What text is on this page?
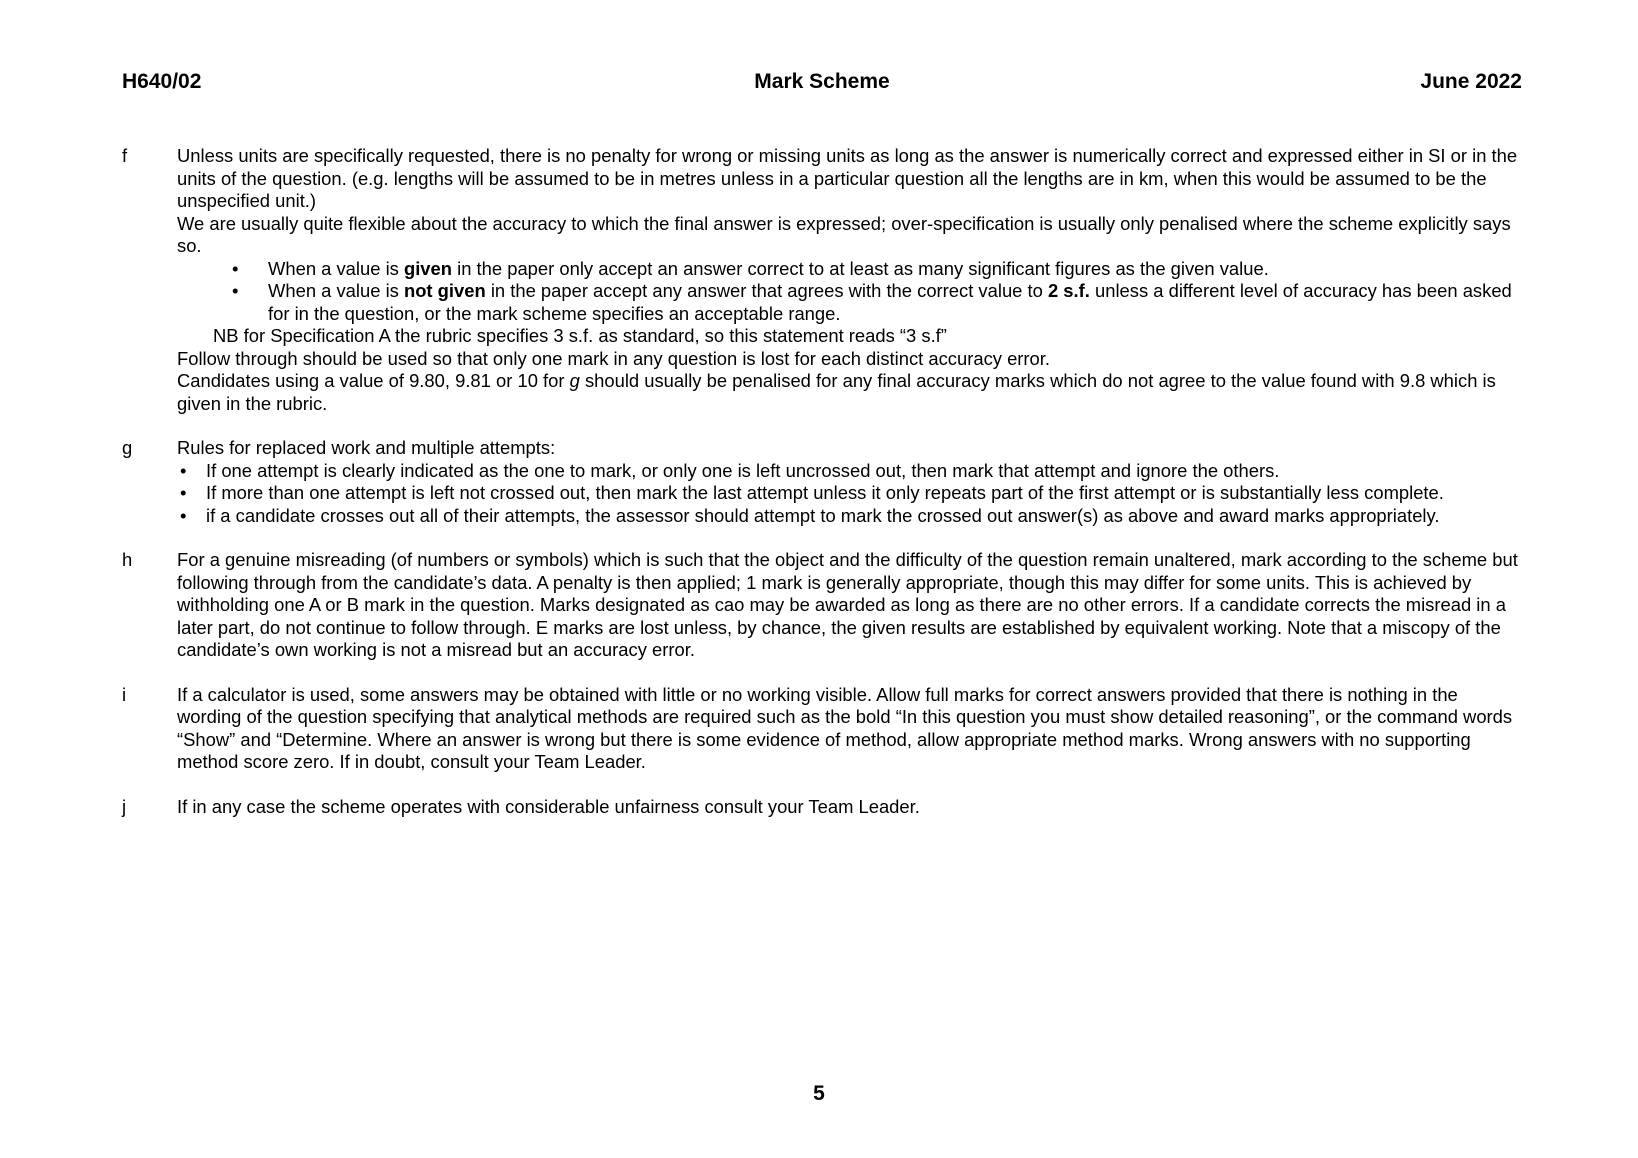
H640/02	Mark Scheme	June 2022
f	Unless units are specifically requested, there is no penalty for wrong or missing units as long as the answer is numerically correct and expressed either in SI or in the units of the question. (e.g. lengths will be assumed to be in metres unless in a particular question all the lengths are in km, when this would be assumed to be the unspecified unit.)

We are usually quite flexible about the accuracy to which the final answer is expressed; over-specification is usually only penalised where the scheme explicitly says so.

• When a value is given in the paper only accept an answer correct to at least as many significant figures as the given value.
• When a value is not given in the paper accept any answer that agrees with the correct value to 2 s.f. unless a different level of accuracy has been asked for in the question, or the mark scheme specifies an acceptable range.

NB for Specification A the rubric specifies 3 s.f. as standard, so this statement reads “3 s.f”

Follow through should be used so that only one mark in any question is lost for each distinct accuracy error.

Candidates using a value of 9.80, 9.81 or 10 for g should usually be penalised for any final accuracy marks which do not agree to the value found with 9.8 which is given in the rubric.

g Rules for replaced work and multiple attempts:

• If one attempt is clearly indicated as the one to mark, or only one is left uncrossed out, then mark that attempt and ignore the others.
• If more than one attempt is left not crossed out, then mark the last attempt unless it only repeats part of the first attempt or is substantially less complete.
• if a candidate crosses out all of their attempts, the assessor should attempt to mark the crossed out answer(s) as above and award marks appropriately.
h For a genuine misreading (of numbers or symbols) which is such that the object and the difficulty of the question remain unaltered, mark according to the scheme but following through from the candidate’s data. A penalty is then applied; 1 mark is generally appropriate, though this may differ for some units. This is achieved by withholding one A or B mark in the question. Marks designated as cao may be awarded as long as there are no other errors. If a candidate corrects the misread in a later part, do not continue to follow through. E marks are lost unless, by chance, the given results are established by equivalent working. Note that a miscopy of the candidate’s own working is not a misread but an accuracy error.

i	If a calculator is used, some answers may be obtained with little or no working visible. Allow full marks for correct answers provided that there is nothing in the wording of the question specifying that analytical methods are required such as the bold “In this question you must show detailed reasoning”, or the command words “Show” and “Determine. Where an answer is wrong but there is some evidence of method, allow appropriate method marks. Wrong answers with no supporting method score zero. If in doubt, consult your Team Leader.

j	If in any case the scheme operates with considerable unfairness consult your Team Leader.

5
